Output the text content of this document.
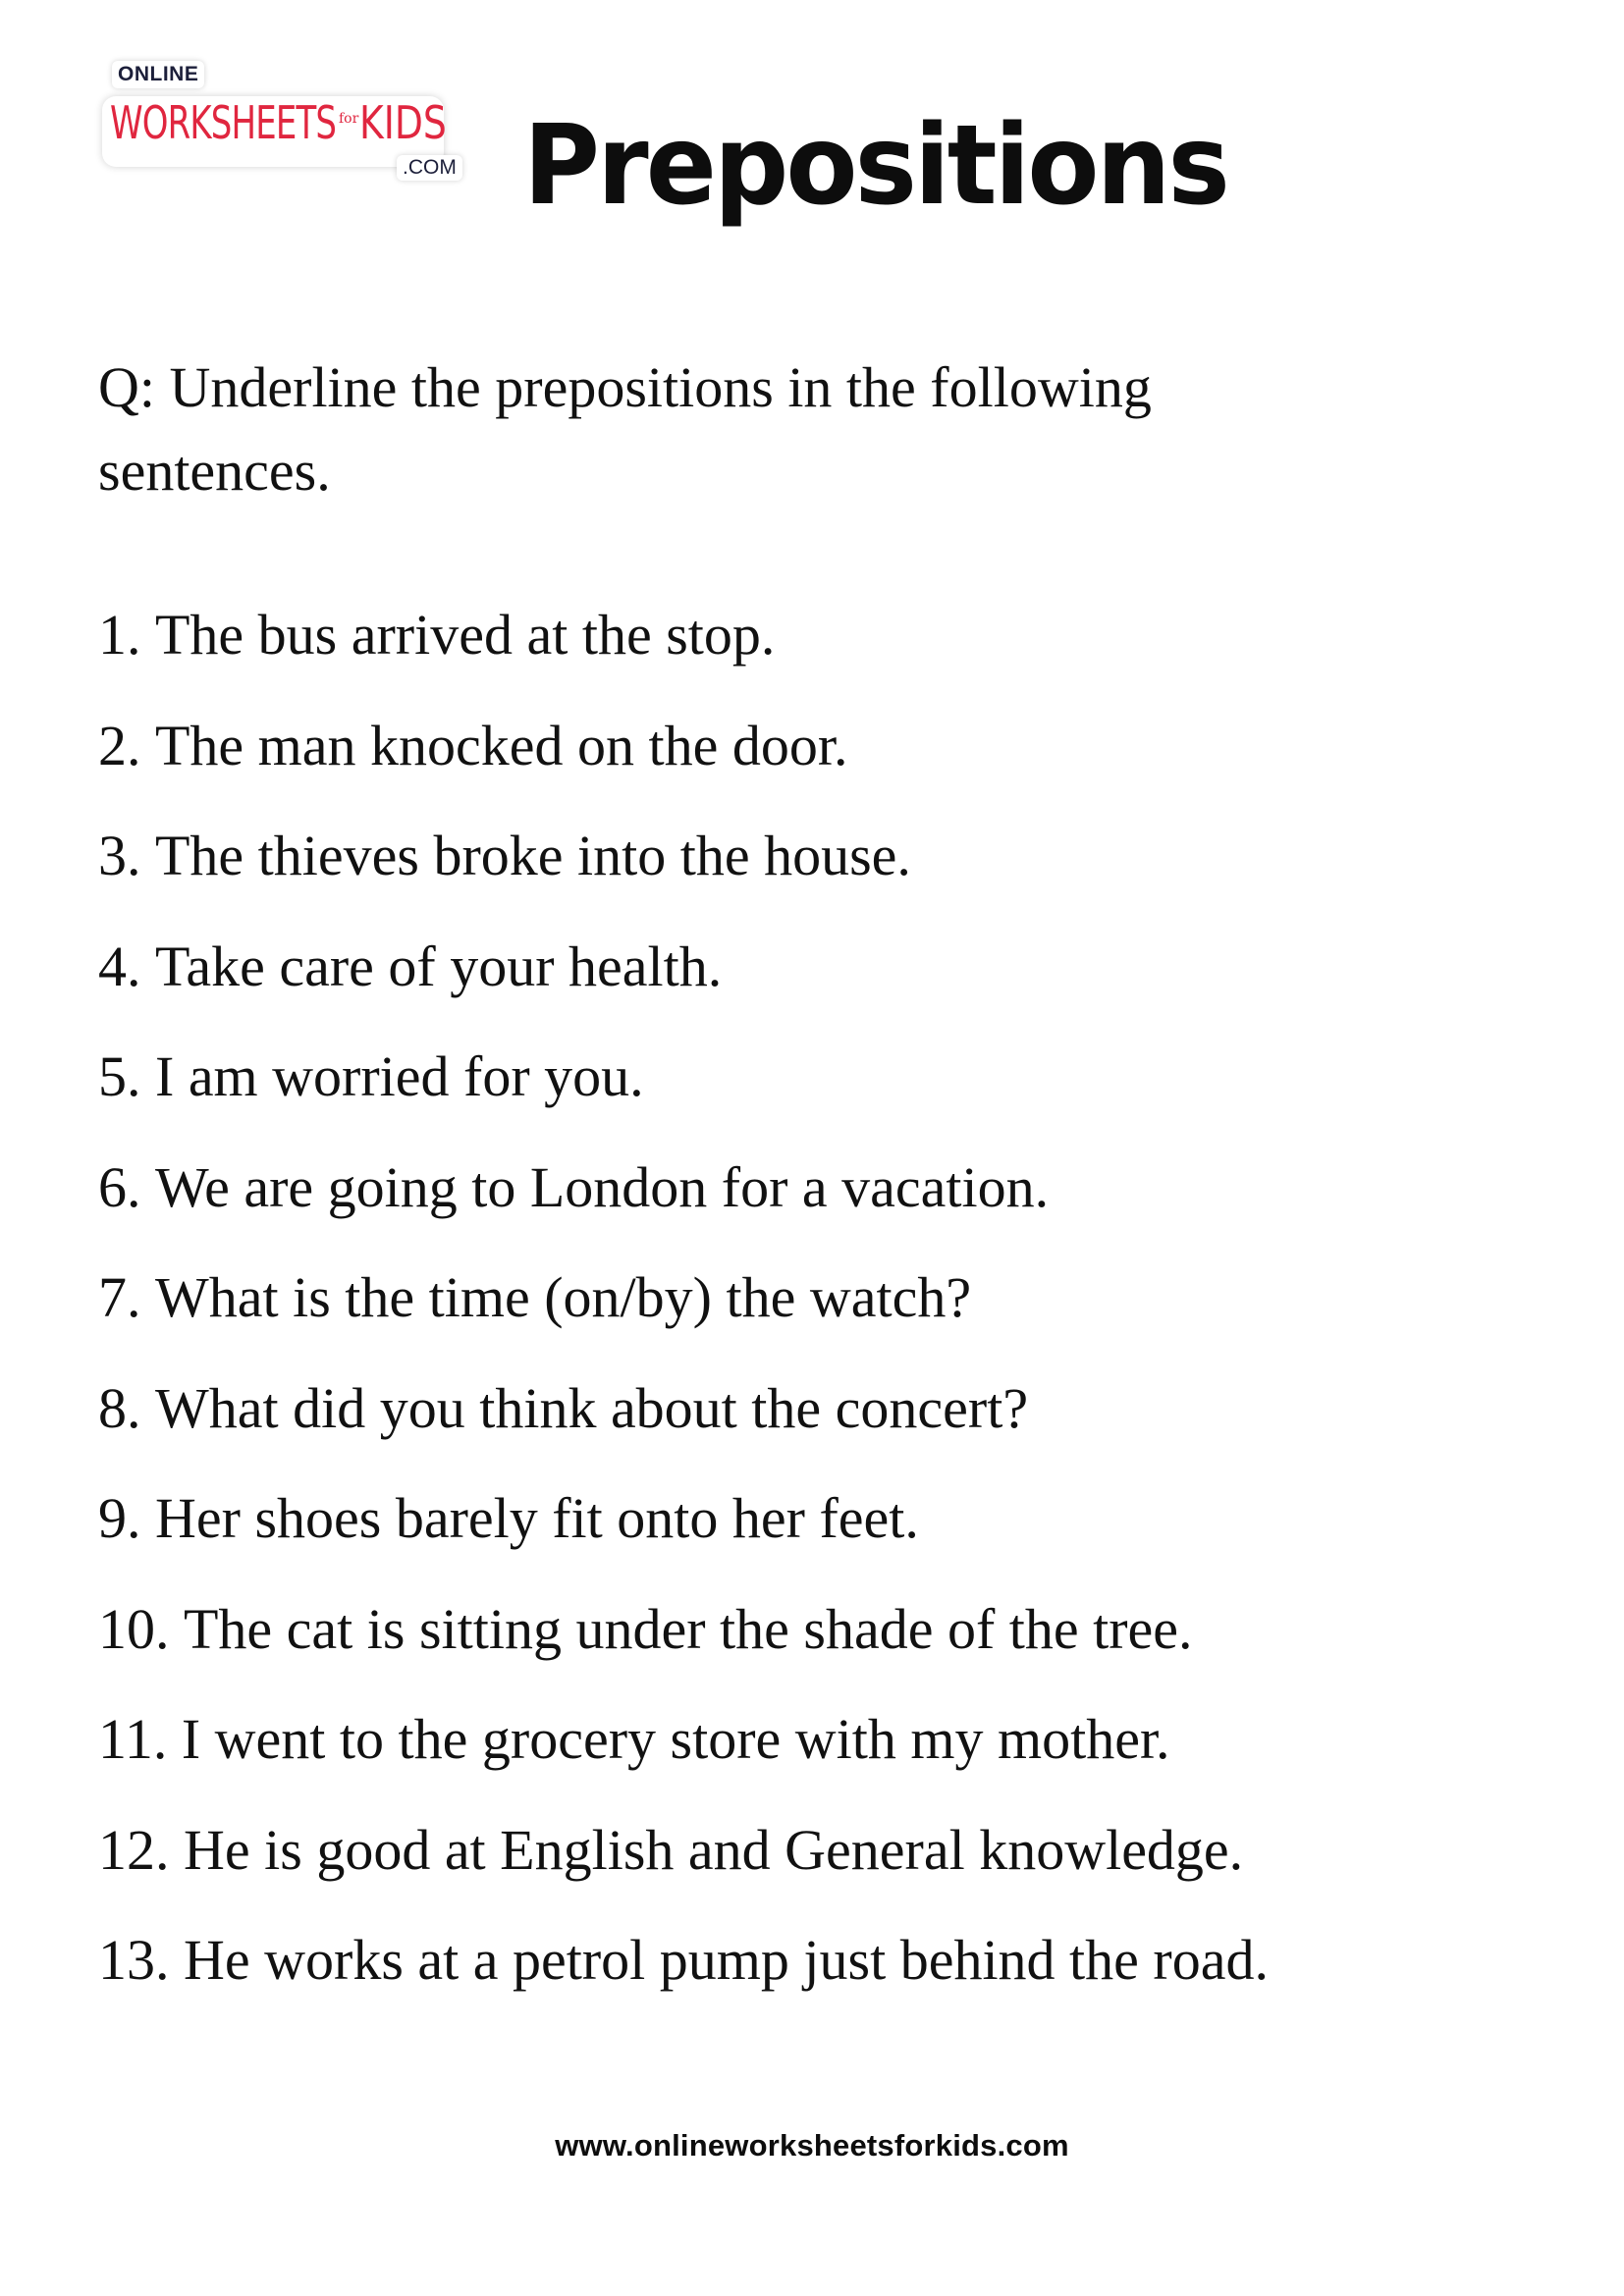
ONLINE
WORKSHEETS for KIDS
.COM Prepositions

Q: Underline the prepositions in the following sentences.

1. The bus arrived at the stop.
2. The man knocked on the door.
3. The thieves broke into the house.
4. Take care of your health.
5. I am worried for you.
6. We are going to London for a vacation.
7. What is the time (on/by) the watch?
8. What did you think about the concert?
9. Her shoes barely fit onto her feet.
10. The cat is sitting under the shade of the tree.
11. I went to the grocery store with my mother.
12. He is good at English and General knowledge.
13. He works at a petrol pump just behind the road.
www.onlineworksheetsforkids.com
